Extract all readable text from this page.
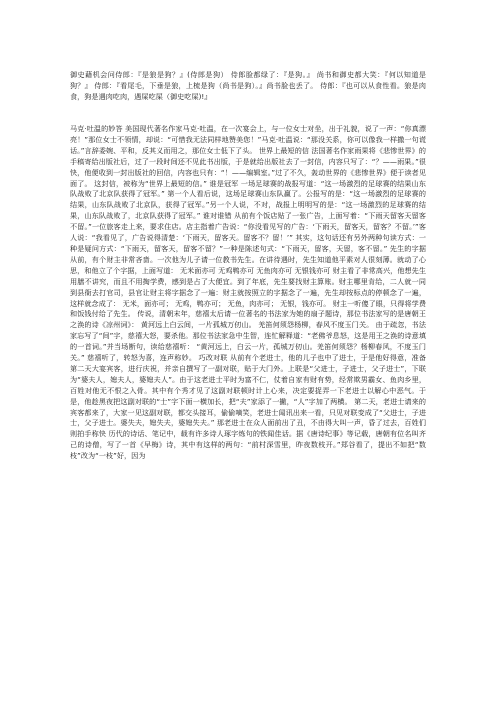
御史藉机会问侍郎：『是狼是狗？』(侍郎是狗） 侍郎脸都绿了：『是狗。』 尚书和御史都大笑：『何以知道是狗？』 侍郎：『看尾毛，下垂是狼，上梳是狗（尚书是狗）。』尚书脸也丢了。 侍郎：『也可以从食性看。狼是肉食，狗是遇肉吃肉，遇屎吃屎（御史吃屎)!』

马克·吐温的妙答 美国现代著名作家马克·吐温，在一次宴会上，与一位女士对坐，出于礼貌，说了一声：“你真漂亮！”那位女士不领情，却说：“可惜我无法同样地赞美您！”马克·吐温说：“那没关系，你可以像我一样撒一句谎话。”言辞委婉、平和，反其义而用之，那位女士低下了头。 世界上最短的信 法国著名作家雨果将《悲惨世界》的手稿寄给出版社后，过了一段时间还不见此书出版，于是就给出版社去了一封信，内容只写了：“？——雨果。”很快，他便收到一封出版社的回信，内容也只有：“！——编辑室。”过了不久，轰动世界的《悲惨世界》便于读者见面了。 这封信，被称为“世界上最短的信。” 谁是冠军 一场足球赛的战报写道：“这一场激烈的足球赛的结果山东队战败了北京队获得了冠军。” 第一个人看后说，这场足球赛山东队赢了。公报写的是：“这一场激烈的足球赛的结果，山东队战败了北京队，获得了冠军。”另一个人说，不对，战报上明明写的是：“这一场激烈的足球赛的结果，山东队战败了，北京队获得了冠军。” 谁对谁错 从前有个饭店贴了一张广告，上面写着：“下雨天留客天留客不留。”一位旅客走上来，要求住店。店主指着广告说：“你没看见写的广告：‘下雨天，留客天，留客？不留。’”客人说：“我看见了，广告说得清楚：‘下雨天，留客天。留客不？留！’” 其实，这句话还有另外两种句读方式：一种是疑问方式：“下雨天，留客天，留客不留？”一种是陈述句式：“下雨天，留客，天留，客不留。” 先生的字据 从前，有个财主非常吝啬。一次他为儿子请一位教书先生。在讲待遇时，先生知道他平素对人很刻薄。就动了心思，和他立了个字据，上面写道： 无米面亦可 无鸡鸭亦可 无鱼肉亦可 无银钱亦可 财主看了非常高兴，他想先生用膳不讲究，而且不用掏学费，感到是占了大便宜。到了年底，先生要找财主算账。财主哪里肯给，二人就一同到县衙去打官司，县官让财主将字据念了一遍：财主就按照立的字据念了一遍，先生却按标点的停顿念了一遍，这样就念成了： 无米，面亦可； 无鸡，鸭亦可； 无鱼，肉亦可； 无银，钱亦可。 财主一听傻了眼，只得将学费和饭钱付给了先生。 传说，清朝末年，慈禧太后请一位著名的书法家为她的扇子题诗，那位书法家写的是唐朝王之涣的诗《凉州词》： 黄河远上白云间，一片孤城万仞山。 羌笛何须怨杨柳，春风不度玉门关。 由于疏忽，书法家忘写了“间”字，慈禧大怒，要杀他。那位书法家急中生智，连忙解释道：“老佛爷息怒，这是用王之涣的诗意填的一首词。”并当场断句，读给慈禧听： “黄河远上，白云一片，孤城万仞山。羌笛何须怨？杨柳春风，不度玉门关。” 慈禧听了，转怒为喜，连声称妙。 巧改对联 从前有个老进士，他的儿子也中了进士，于是他好得意，准备第二天大宴宾客，进行庆祝，并亲自撰写了一副对联，贴于大门外。上联是“父进士，子进士，父子进士”，下联为“婆夫人，媳夫人，婆媳夫人”。由于这老进士平时为富不仁，仗着自家有财有势，经常欺男霸女、鱼肉乡里，百姓对他无不恨之入骨。其中有个秀才见了这副对联顿时计上心来，决定要捉弄一下老进士以解心中恶气。于是，他趁黑夜把这副对联的“士”字下面一横加长，把“夫”家添了一撇，“人”字加了两横。 第二天，老进士请来的宾客都来了，大家一见这副对联，都交头接耳，偷偷嘀笑，老进士闻讯出来一看，只见对联变成了“父进士，子进士，父子进士。婆失夫，媳失夫，婆媳失夫。” 那老进士在众人面前出了丑，不由得大叫一声，昏了过去，百姓们则拍手称快 历代的诗话、笔记中，载有许多诗人琢字炼句的铁闻佳话。据《唐诗纪事》等记载，唐朝有位名叫齐己的诗僧，写了一首《早梅》诗，其中有这样的两句：“前村深雪里，昨夜数枝开。”郑谷看了，提出不如把“数枝”改为“一枝”好，因为
